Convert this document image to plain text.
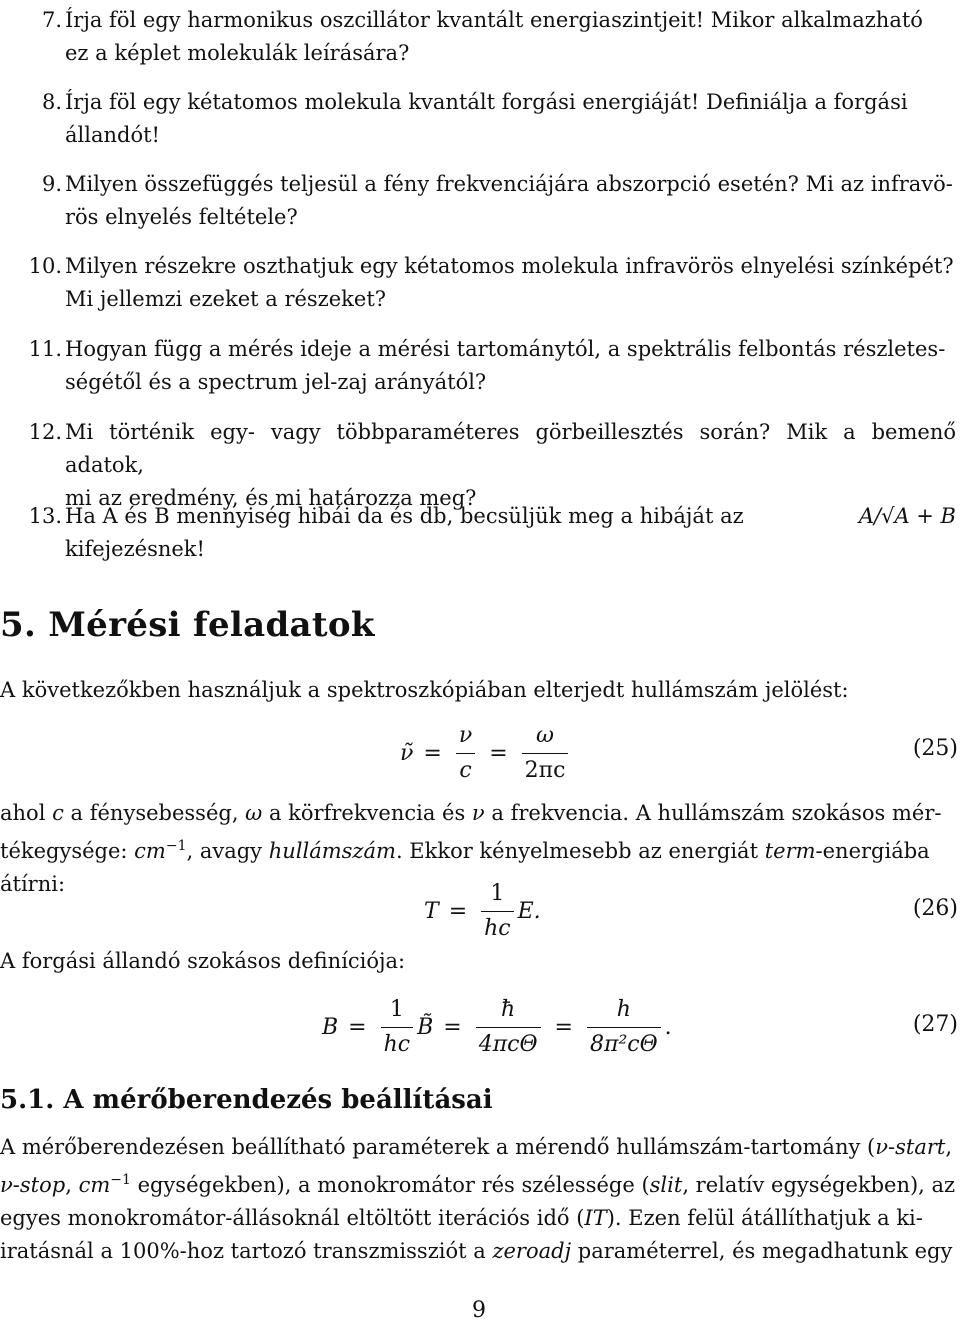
7. Írja föl egy harmonikus oszcillátor kvantált energiaszintjeit! Mikor alkalmazható
ez a képlet molekulák leírására?
8. Írja föl egy kétatomos molekula kvantált forgási energiáját! Definiálja a forgási
állandót!
9. Milyen összefüggés teljesül a fény frekvenciájára abszorpció esetén? Mi az infravö-
rös elnyelés feltétele?
10. Milyen részekre oszthatjuk egy kétatomos molekula infravörös elnyelési színképét?
Mi jellemzi ezeket a részeket?
11. Hogyan függ a mérés ideje a mérési tartománytól, a spektrális felbontás részletes-
ségétől és a spectrum jel-zaj arányától?
12. Mi történik egy- vagy többparaméteres görbeillesztés során? Mik a bemenő adatok,
mi az eredmény, és mi határozza meg?
13. Ha A és B mennyiség hibái da és db, becsüljük meg a hibáját az	A/√A + B
kifejezésnek!
5. Mérési feladatok
A következőkben használjuk a spektroszkópiában elterjedt hullámszám jelölést:
ν̃ = $\frac{\nu}{c} = \frac{\omega}{2\pi c}$	(25)
ahol c a fénysebesség, ω a körfrekvencia és ν a frekvencia. A hullámszám szokásos mér-
tékegysége: $cm^{-1}$, avagy hullámszám. Ekkor kényelmesebb az energiát term-energiába
átírni:
$T = \frac{1}{hc} E$.	(26)
A forgási állandó szokásos definíciója:
$B = \frac{1}{hc}$ B̃ = $\frac{ħ}{\text{4πcΘ}} = \frac{h}{\text{8π²cΘ}}$ .	(27)
5.1. A mérőberendezés beállításai
A mérőberendezésen beállítható paraméterek a mérendő hullámszám-tartomány (ν-start,
ν-stop, $cm^{-1}$ egységekben), a monokromátor rés szélessége (slit, relatív egységekben), az
egyes monokromátor-állásoknál eltöltött iterációs idő (IT). Ezen felül átállíthatjuk a ki-
iratásnál a 100%-hoz tartozó transzmissziót a zeroadj paraméterrel, és megadhatunk egy
9
